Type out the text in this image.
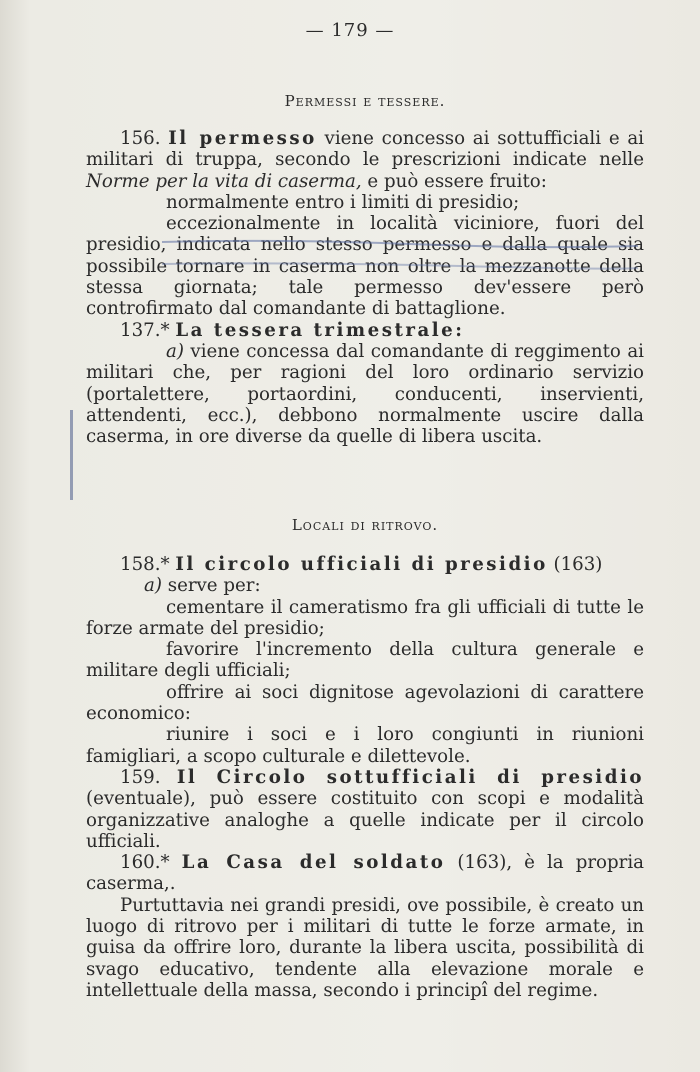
— 179 —
Permessi e tessere.

156. Il permesso viene concesso ai sottufficiali e ai militari di truppa, secondo le prescrizioni indicate nelle Norme per la vita di caserma, e può essere fruito:

normalmente entro i limiti di presidio;

eccezionalmente in località viciniore, fuori del presidio, indicata nello stesso permesso e dalla quale sia possibile tornare in caserma non oltre la mezzanotte della stessa giornata; tale permesso dev'essere però controfirmato dal comandante di battaglione.

137.* La tessera trimestrale:

a) viene concessa dal comandante di reggimento ai militari che, per ragioni del loro ordinario servizio (portalettere, portaordini, conducenti, inservienti, attendenti, ecc.), debbono normalmente uscire dalla caserma, in ore diverse da quelle di libera uscita.

Locali di ritrovo.

158.* Il circolo ufficiali di presidio (163)

a) serve per:

cementare il cameratismo fra gli ufficiali di tutte le forze armate del presidio;

favorire l'incremento della cultura generale e militare degli ufficiali;

offrire ai soci dignitose agevolazioni di carattere economico:

riunire i soci e i loro congiunti in riunioni famigliari, a scopo culturale e dilettevole.

159. Il Circolo sottufficiali di presidio (eventuale), può essere costituito con scopi e modalità organizzative analoghe a quelle indicate per il circolo ufficiali.

160.* La Casa del soldato (163), è la propria caserma,.

Purtuttavia nei grandi presidi, ove possibile, è creato un luogo di ritrovo per i militari di tutte le forze armate, in guisa da offrire loro, durante la libera uscita, possibilità di svago educativo, tendente alla elevazione morale e intellettuale della massa, secondo i principî del regime.
